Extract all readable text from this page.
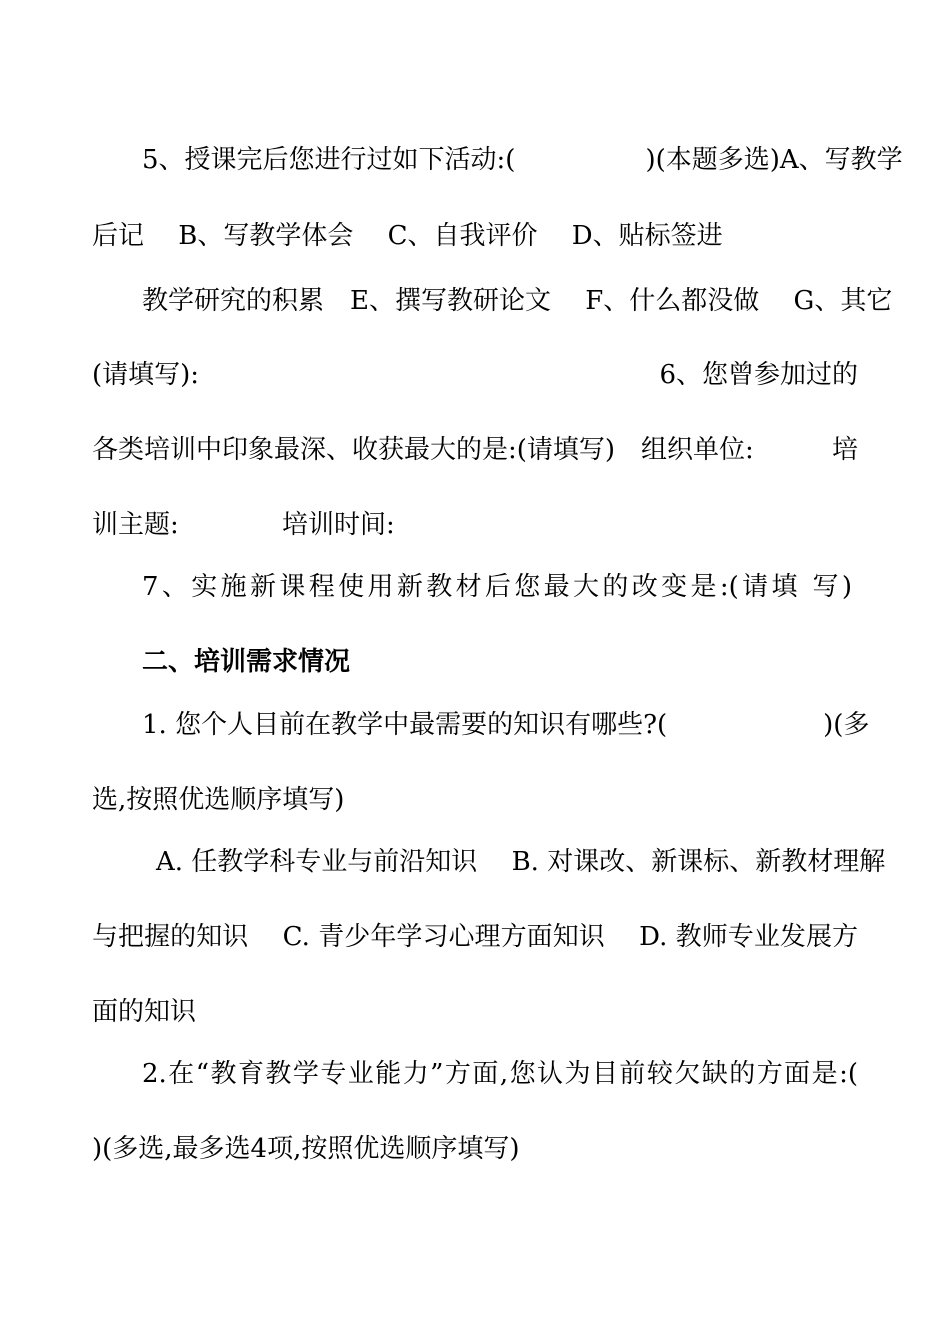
5、授课完后您进行过如下活动:(　　　　　)(本题多选)A、写教学
后记　 B、写教学体会　 C、自我评价　 D、贴标签进
教学研究的积累　E、撰写教研论文　 F、什么都没做　 G、其它
(请填写):	6、您曾参加过的
各类培训中印象最深、收获最大的是:(请填写)　组织单位:	培
训主题:	培训时间:
7、实施新课程使用新教材后您最大的改变是:(请填 写)
二、培训需求情况
1. 您个人目前在教学中最需要的知识有哪些?(　　　　　　)(多
选,按照优选顺序填写)
A. 任教学科专业与前沿知识　 B. 对课改、新课标、新教材理解
与把握的知识　 C. 青少年学习心理方面知识　 D. 教师专业发展方
面的知识
2.在“教育教学专业能力”方面,您认为目前较欠缺的方面是:(
)(多选,最多选4项,按照优选顺序填写)
